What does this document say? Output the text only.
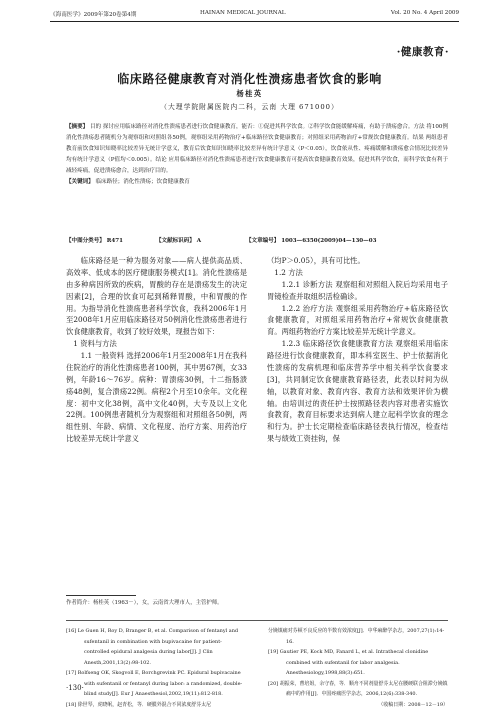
《海南医学》2009年第20卷第4期	HAINAN MEDICAL JOURNAL	Vol. 20 No. 4 April 2009
·健康教育·
临床路径健康教育对消化性溃疡患者饮食的影响
杨桂英
（大理学院附属医院内二科，云南 大理 671000）
【摘要】 目的 探讨应用临床路径对消化性溃疡患者进行饮食健康教育，能否：①促进其科学饮食。②科学饮食能缓解疼痛，有助于溃疡愈合。方法 将100例消化性溃疡患者随机分为观察组和对照组各50例，观察组采用药物治疗+临床路径饮食健康教育；对照组采用药物治疗+常规饮食健康教育。结果 两组患者教育前饮食知识知晓率比较差异无统计学意义，教育后饮食知识知晓率比较差异有统计学意义（P＜0.05），饮食依从性、疼痛缓解和溃疡愈合情况比较差异均有统计学意义（P值均＜0.005）。结论 应用临床路径对消化性溃疡患者进行饮食健康教育可提高饮食健康教育效果，促进其科学饮食，而科学饮食有利于减轻疼痛，促进溃疡愈合，达到治疗目的。
【关键词】 临床路径；消化性溃疡；饮食健康教育
【中图分类号】 R471	【文献标识码】 A	【文章编号】 1003—6350(2009)04—130—03

临床路径是一种为服务对象——病人提供高品质、高效率、低成本的医疗健康服务模式[1]。消化性溃疡是由多种病因所致的疾病，胃酸的存在是溃疡发生的决定因素[2]，合理的饮食可起到稀释胃酸，中和胃酸的作用。为指导消化性溃疡患者科学饮食，我科2006年1月至2008年1月应用临床路径对50例消化性溃疡患者进行饮食健康教育，收到了较好效果，现报告如下：

1 资料与方法

1.1 一般资料 选择2006年1月至2008年1月在我科住院治疗的消化性溃疡患者100例，其中男67例，女33例，年龄16～76岁。病种：胃溃疡30例，十二指肠溃疡48例，复合溃疡22例。病程2个月至10余年。文化程度：初中文化38例，高中文化40例，大专及以上文化22例。100例患者随机分为观察组和对照组各50例，两组性别、年龄、病情、文化程度、治疗方案、用药治疗比较差异无统计学意义

（均P＞0.05），具有可比性。
1.2 方法

1.2.1 诊断方法 观察组和对照组入院后均采用电子胃镜检查并取组织活检确诊。

1.2.2 治疗方法 观察组采用药物治疗+临床路径饮食健康教育，对照组采用药物治疗+常规饮食健康教育。两组药物治疗方案比较差异无统计学意义。

1.2.3 临床路径饮食健康教育方法 观察组采用临床路径进行饮食健康教育，即本科室医生、护士依据消化性溃疡的发病机理和临床营养学中相关科学饮食要求[3]，共同制定饮食健康教育路径表，此表以时间为纵轴，以教育对象、教育内容、教育方法和效果评价为横轴。由培训过的责任护士按照路径表内容对患者实施饮食教育，教育目标要求达到病人建立起科学饮食的理念和行为。护士长定期检查临床路径表执行情况，检查结果与绩效工资挂钩，保

作者简介：杨桂英（1963－），女，云南省大理市人，主管护师。
[16] Le Guen H, Roy D, Branger B, et al. Comparison of fentanyl and sufentanil in combination with bupivacaine for patient-controlled epidural analgesia during labor[J]. J Clin Anesth,2001,13(2):98-102.
[17] Rolfseng OK, Skogvoll E, Borchgrevink PC. Epidural bupivacaine with sufentanil or fentanyl during labor: a randomized, double-blind study[J]. Eur J Anaesthesiol,2002,19(11):812-818.
[18] 徐世琴，虎晓岷，赵青松，等．硬膜外混合不同浓度舒芬太尼
分娩镇痛对芬顿不良反应的半数有效浓度[J]．中华麻醉学杂志，2007,27(1):14-16.
[19] Gautier PE, Kock MD, Fanard L, et al. Intrathecal clonidine combined with sufentanil for labor analgesia. Anesthesiology,1998,88(3):651.
[20] 胡振荣，曹培姐，余守春，等．顺舟不同剂量舒芬太尼在腰硬联合阻滞分娩镇痛中的作用[J]．中国疼痛医学杂志，2006,12(6):338-340.
（收稿日期：2008－12－19）
·130·
